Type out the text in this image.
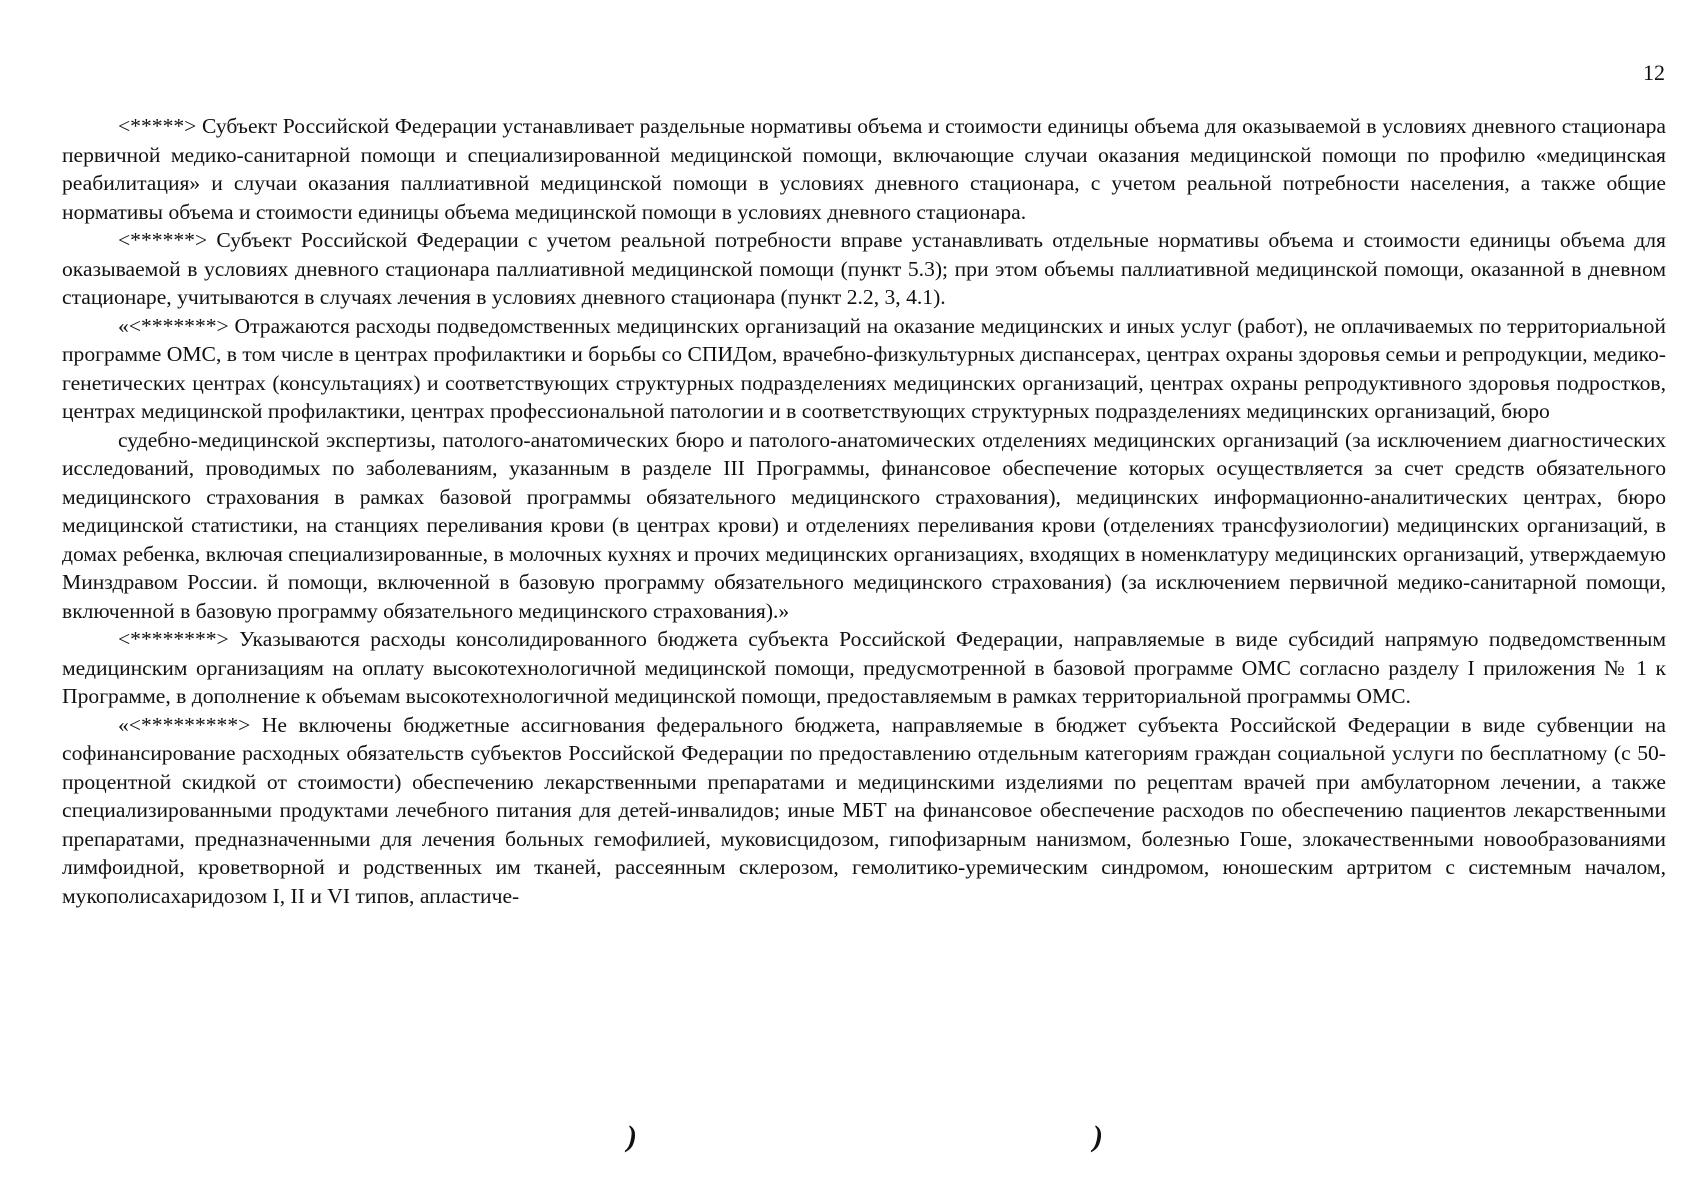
12

<*****> Субъект Российской Федерации устанавливает раздельные нормативы объема и стоимости единицы объема для оказываемой в условиях дневного стационара первичной медико-санитарной помощи и специализированной медицинской помощи, включающие случаи оказания медицинской помощи по профилю «медицинская реабилитация» и случаи оказания паллиативной медицинской помощи в условиях дневного стационара, с учетом реальной потребности населения, а также общие нормативы объема и стоимости единицы объема медицинской помощи в условиях дневного стационара.

<******> Субъект Российской Федерации с учетом реальной потребности вправе устанавливать отдельные нормативы объема и стоимости единицы объема для оказываемой в условиях дневного стационара паллиативной медицинской помощи (пункт 5.3); при этом объемы паллиативной медицинской помощи, оказанной в дневном стационаре, учитываются в случаях лечения в условиях дневного стационара (пункт 2.2, 3, 4.1).

«<*******> Отражаются расходы подведомственных медицинских организаций на оказание медицинских и иных услуг (работ), не оплачиваемых по территориальной программе ОМС, в том числе в центрах профилактики и борьбы со СПИДом, врачебно-физкультурных диспансерах, центрах охраны здоровья семьи и репродукции, медико-генетических центрах (консультациях) и соответствующих структурных подразделениях медицинских организаций, центрах охраны репродуктивного здоровья подростков, центрах медицинской профилактики, центрах профессиональной патологии и в соответствующих структурных подразделениях медицинских организаций, бюро

судебно-медицинской экспертизы, патолого-анатомических бюро и патолого-анатомических отделениях медицинских организаций (за исключением диагностических исследований, проводимых по заболеваниям, указанным в разделе III Программы, финансовое обеспечение которых осуществляется за счет средств обязательного медицинского страхования в рамках базовой программы обязательного медицинского страхования), медицинских информационно-аналитических центрах, бюро медицинской статистики, на станциях переливания крови (в центрах крови) и отделениях переливания крови (отделениях трансфузиологии) медицинских организаций, в домах ребенка, включая специализированные, в молочных кухнях и прочих медицинских организациях, входящих в номенклатуру медицинских организаций, утверждаемую Минздравом России. й помощи, включенной в базовую программу обязательного медицинского страхования) (за исключением первичной медико-санитарной помощи, включенной в базовую программу обязательного медицинского страхования).»

<********> Указываются расходы консолидированного бюджета субъекта Российской Федерации, направляемые в виде субсидий напрямую подведомственным медицинским организациям на оплату высокотехнологичной медицинской помощи, предусмотренной в базовой программе ОМС согласно разделу I приложения № 1 к Программе, в дополнение к объемам высокотехнологичной медицинской помощи, предоставляемым в рамках территориальной программы ОМС.

«<*********> Не включены бюджетные ассигнования федерального бюджета, направляемые в бюджет субъекта Российской Федерации в виде субвенции на софинансирование расходных обязательств субъектов Российской Федерации по предоставлению отдельным категориям граждан социальной услуги по бесплатному (с 50-процентной скидкой от стоимости) обеспечению лекарственными препаратами и медицинскими изделиями по рецептам врачей при амбулаторном лечении, а также специализированными продуктами лечебного питания для детей-инвалидов; иные МБТ на финансовое обеспечение расходов по обеспечению пациентов лекарственными препаратами, предназначенными для лечения больных гемофилией, муковисцидозом, гипофизарным нанизмом, болезнью Гоше, злокачественными новообразованиями лимфоидной, кроветворной и родственных им тканей, рассеянным склерозом, гемолитико-уремическим синдромом, юношеским артритом с системным началом, мукополисахаридозом I, II и VI типов, апластиче-

)	)
